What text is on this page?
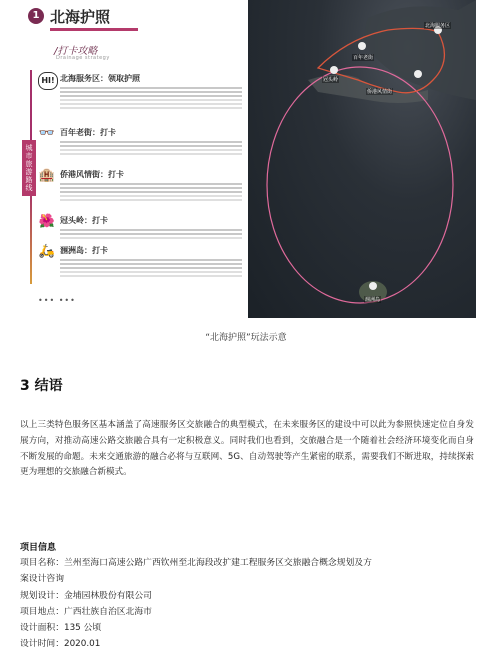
1 北海护照
/打卡攻略
Drainage strategy
城市旅游路线
HI! 北海服务区：领取护照
👓 百年老街：打卡
🏨 侨港风情街：打卡
🌺 冠头岭：打卡
🛵 涠洲岛：打卡
••• •••
北海服务区
百年老街
冠头岭
侨港风情街
涠洲岛
“北海护照”玩法示意
3 结语

以上三类特色服务区基本涵盖了高速服务区交旅融合的典型模式，在未来服务区的建设中可以此为参照快速定位自身发展方向，对推动高速公路交旅融合具有一定积极意义。同时我们也看到，交旅融合是一个随着社会经济环境变化而自身不断发展的命题。未来交通旅游的融合必将与互联网、5G、自动驾驶等产生紧密的联系，需要我们不断进取，持续探索更为理想的交旅融合新模式。

项目信息
项目名称：兰州至海口高速公路广西钦州至北海段改扩建工程服务区交旅融合概念规划及方
案设计咨询
规划设计：金埔园林股份有限公司
项目地点：广西壮族自治区北海市
设计面积：135 公顷
设计时间：2020.01
